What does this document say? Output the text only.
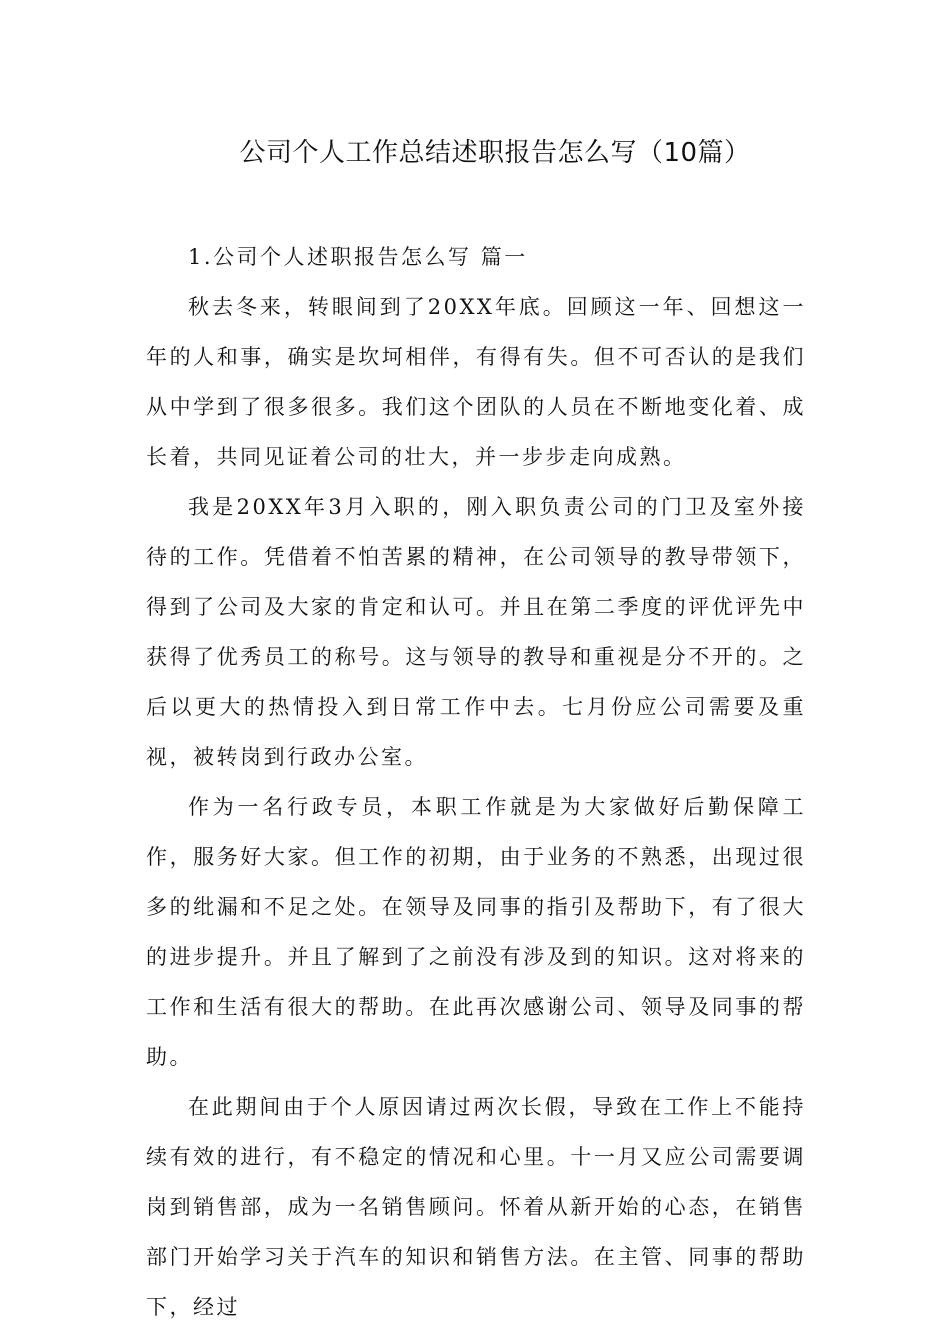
公司个人工作总结述职报告怎么写（10篇）

1.公司个人述职报告怎么写 篇一

秋去冬来，转眼间到了20XX年底。回顾这一年、回想这一年的人和事，确实是坎坷相伴，有得有失。但不可否认的是我们从中学到了很多很多。我们这个团队的人员在不断地变化着、成长着，共同见证着公司的壮大，并一步步走向成熟。

我是20XX年3月入职的，刚入职负责公司的门卫及室外接待的工作。凭借着不怕苦累的精神，在公司领导的教导带领下，得到了公司及大家的肯定和认可。并且在第二季度的评优评先中获得了优秀员工的称号。这与领导的教导和重视是分不开的。之后以更大的热情投入到日常工作中去。七月份应公司需要及重视，被转岗到行政办公室。

作为一名行政专员，本职工作就是为大家做好后勤保障工作，服务好大家。但工作的初期，由于业务的不熟悉，出现过很多的纰漏和不足之处。在领导及同事的指引及帮助下，有了很大的进步提升。并且了解到了之前没有涉及到的知识。这对将来的工作和生活有很大的帮助。在此再次感谢公司、领导及同事的帮助。

在此期间由于个人原因请过两次长假，导致在工作上不能持续有效的进行，有不稳定的情况和心里。十一月又应公司需要调岗到销售部，成为一名销售顾问。怀着从新开始的心态，在销售部门开始学习关于汽车的知识和销售方法。在主管、同事的帮助下，经过
